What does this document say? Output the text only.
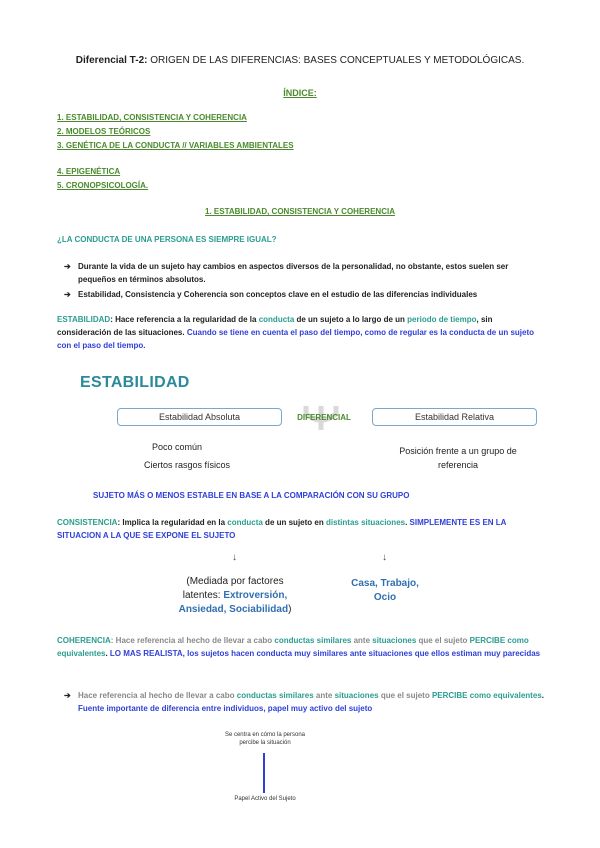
Diferencial T-2: ORIGEN DE LAS DIFERENCIAS: BASES CONCEPTUALES Y METODOLÓGICAS.
ÍNDICE:
1. ESTABILIDAD, CONSISTENCIA Y COHERENCIA
2. MODELOS TEÓRICOS
3. GENÉTICA DE LA CONDUCTA // VARIABLES AMBIENTALES
4. EPIGENÉTICA
5. CRONOPSICOLOGÍA.
1. ESTABILIDAD, CONSISTENCIA Y COHERENCIA
¿LA CONDUCTA DE UNA PERSONA ES SIEMPRE IGUAL?
➔ Durante la vida de un sujeto hay cambios en aspectos diversos de la personalidad, no obstante, estos suelen ser pequeños en términos absolutos.
➔ Estabilidad, Consistencia y Coherencia son conceptos clave en el estudio de las diferencias individuales
ESTABILIDAD: Hace referencia a la regularidad de la conducta de un sujeto a lo largo de un periodo de tiempo, sin consideración de las situaciones. Cuando se tiene en cuenta el paso del tiempo, como de regular es la conducta de un sujeto con el paso del tiempo.
ESTABILIDAD
Estabilidad Absoluta	DIFERENCIAL	Estabilidad Relativa
Poco común
Ciertos rasgos físicos
Posición frente a un grupo de
referencia
SUJETO MÁS O MENOS ESTABLE EN BASE A LA COMPARACIÓN CON SU GRUPO
CONSISTENCIA: Implica la regularidad en la conducta de un sujeto en distintas situaciones. SIMPLEMENTE ES EN LA SITUACION A LA QUE SE EXPONE EL SUJETO
↓	↓
(Mediada por factores
latentes: Extroversión,
Ansiedad, Sociabilidad)
Casa, Trabajo,
Ocio
COHERENCIA: Hace referencia al hecho de llevar a cabo conductas similares ante situaciones que el sujeto PERCIBE como equivalentes. LO MAS REALISTA, los sujetos hacen conducta muy similares ante situaciones que ellos estiman muy parecidas
➔ Hace referencia al hecho de llevar a cabo conductas similares ante situaciones que el sujeto PERCIBE como equivalentes. Fuente importante de diferencia entre individuos, papel muy activo del sujeto
Se centra en cómo la persona
percibe la situación
Papel Activo del Sujeto
